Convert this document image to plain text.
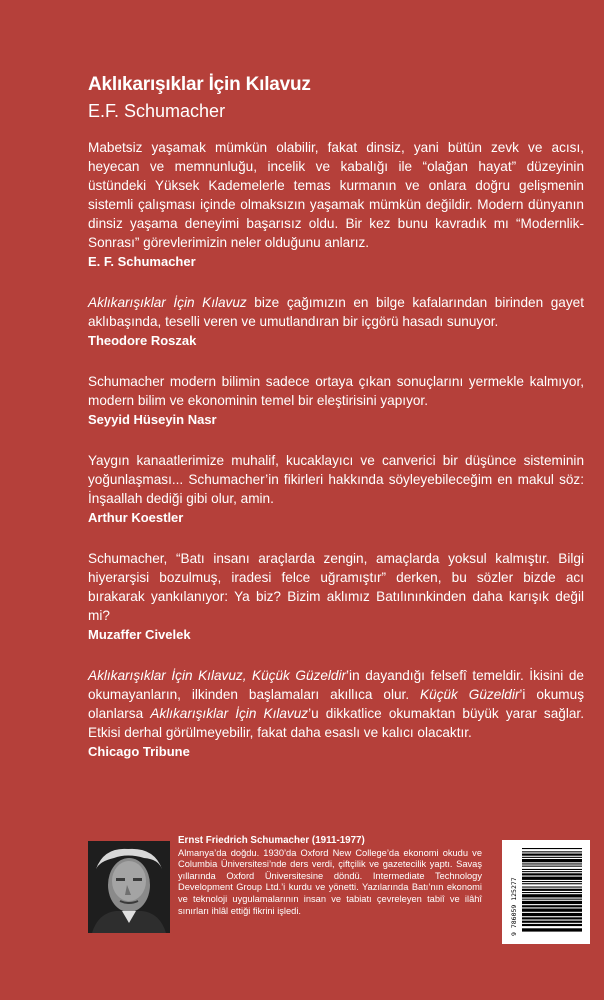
Aklıkarışıklar İçin Kılavuz
E.F. Schumacher

Mabetsiz yaşamak mümkün olabilir, fakat dinsiz, yani bütün zevk ve acısı, heyecan ve memnunluğu, incelik ve kabalığı ile “olağan hayat” düzeyinin üstündeki Yüksek Kademelerle temas kurmanın ve onlara doğru gelişmenin sistemli çalışması içinde olmaksızın yaşamak mümkün değildir. Modern dünyanın dinsiz yaşama deneyimi başarısız oldu. Bir kez bunu kavradık mı “Modernlik-Sonrası” görevlerimizin neler olduğunu anlarız.

E. F. Schumacher

Aklıkarışıklar İçin Kılavuz bize çağımızın en bilge kafalarından birinden gayet aklıbaşında, teselli veren ve umutlandıran bir içgörü hasadı sunuyor.

Theodore Roszak

Schumacher modern bilimin sadece ortaya çıkan sonuçlarını yermekle kalmıyor, modern bilim ve ekonominin temel bir eleştirisini yapıyor.

Seyyid Hüseyin Nasr

Yaygın kanaatlerimize muhalif, kucaklayıcı ve canverici bir düşünce sisteminin yoğunlaşması... Schumacher’in fikirleri hakkında söyleyebileceğim en makul söz: İnşaallah dediği gibi olur, amin.

Arthur Koestler

Schumacher, “Batı insanı araçlarda zengin, amaçlarda yoksul kalmıştır. Bilgi hiyerarşisi bozulmuş, iradesi felce uğramıştır” derken, bu sözler bizde acı bırakarak yankılanıyor: Ya biz? Bizim aklımız Batılınınkinden daha karışık değil mi?

Muzaffer Civelek

Aklıkarışıklar İçin Kılavuz, Küçük Güzeldir’in dayandığı felsefî temeldir. İkisini de okumayanların, ilkinden başlamaları akıllıca olur. Küçük Güzeldir’i okumuş olanlarsa Aklıkarışıklar İçin Kılavuz’u dikkatlice okumaktan büyük yarar sağlar. Etkisi derhal görülmeyebilir, fakat daha esaslı ve kalıcı olacaktır.

Chicago Tribune

Ernst Friedrich Schumacher (1911-1977)

Almanya’da doğdu. 1930’da Oxford New College’da ekonomi okudu ve Columbia Üniversitesi’nde ders verdi, çiftçilik ve gazetecilik yaptı. Savaş yıllarında Oxford Üniversitesine döndü. Intermediate Technology Development Group Ltd.’i kurdu ve yönetti. Yazılarında Batı’nın ekonomi ve teknoloji uygulamalarının insan ve tabiatı çevreleyen tabiî ve ilâhî sınırları ihlâl ettiği fikrini işledi.	9 786059 125277
